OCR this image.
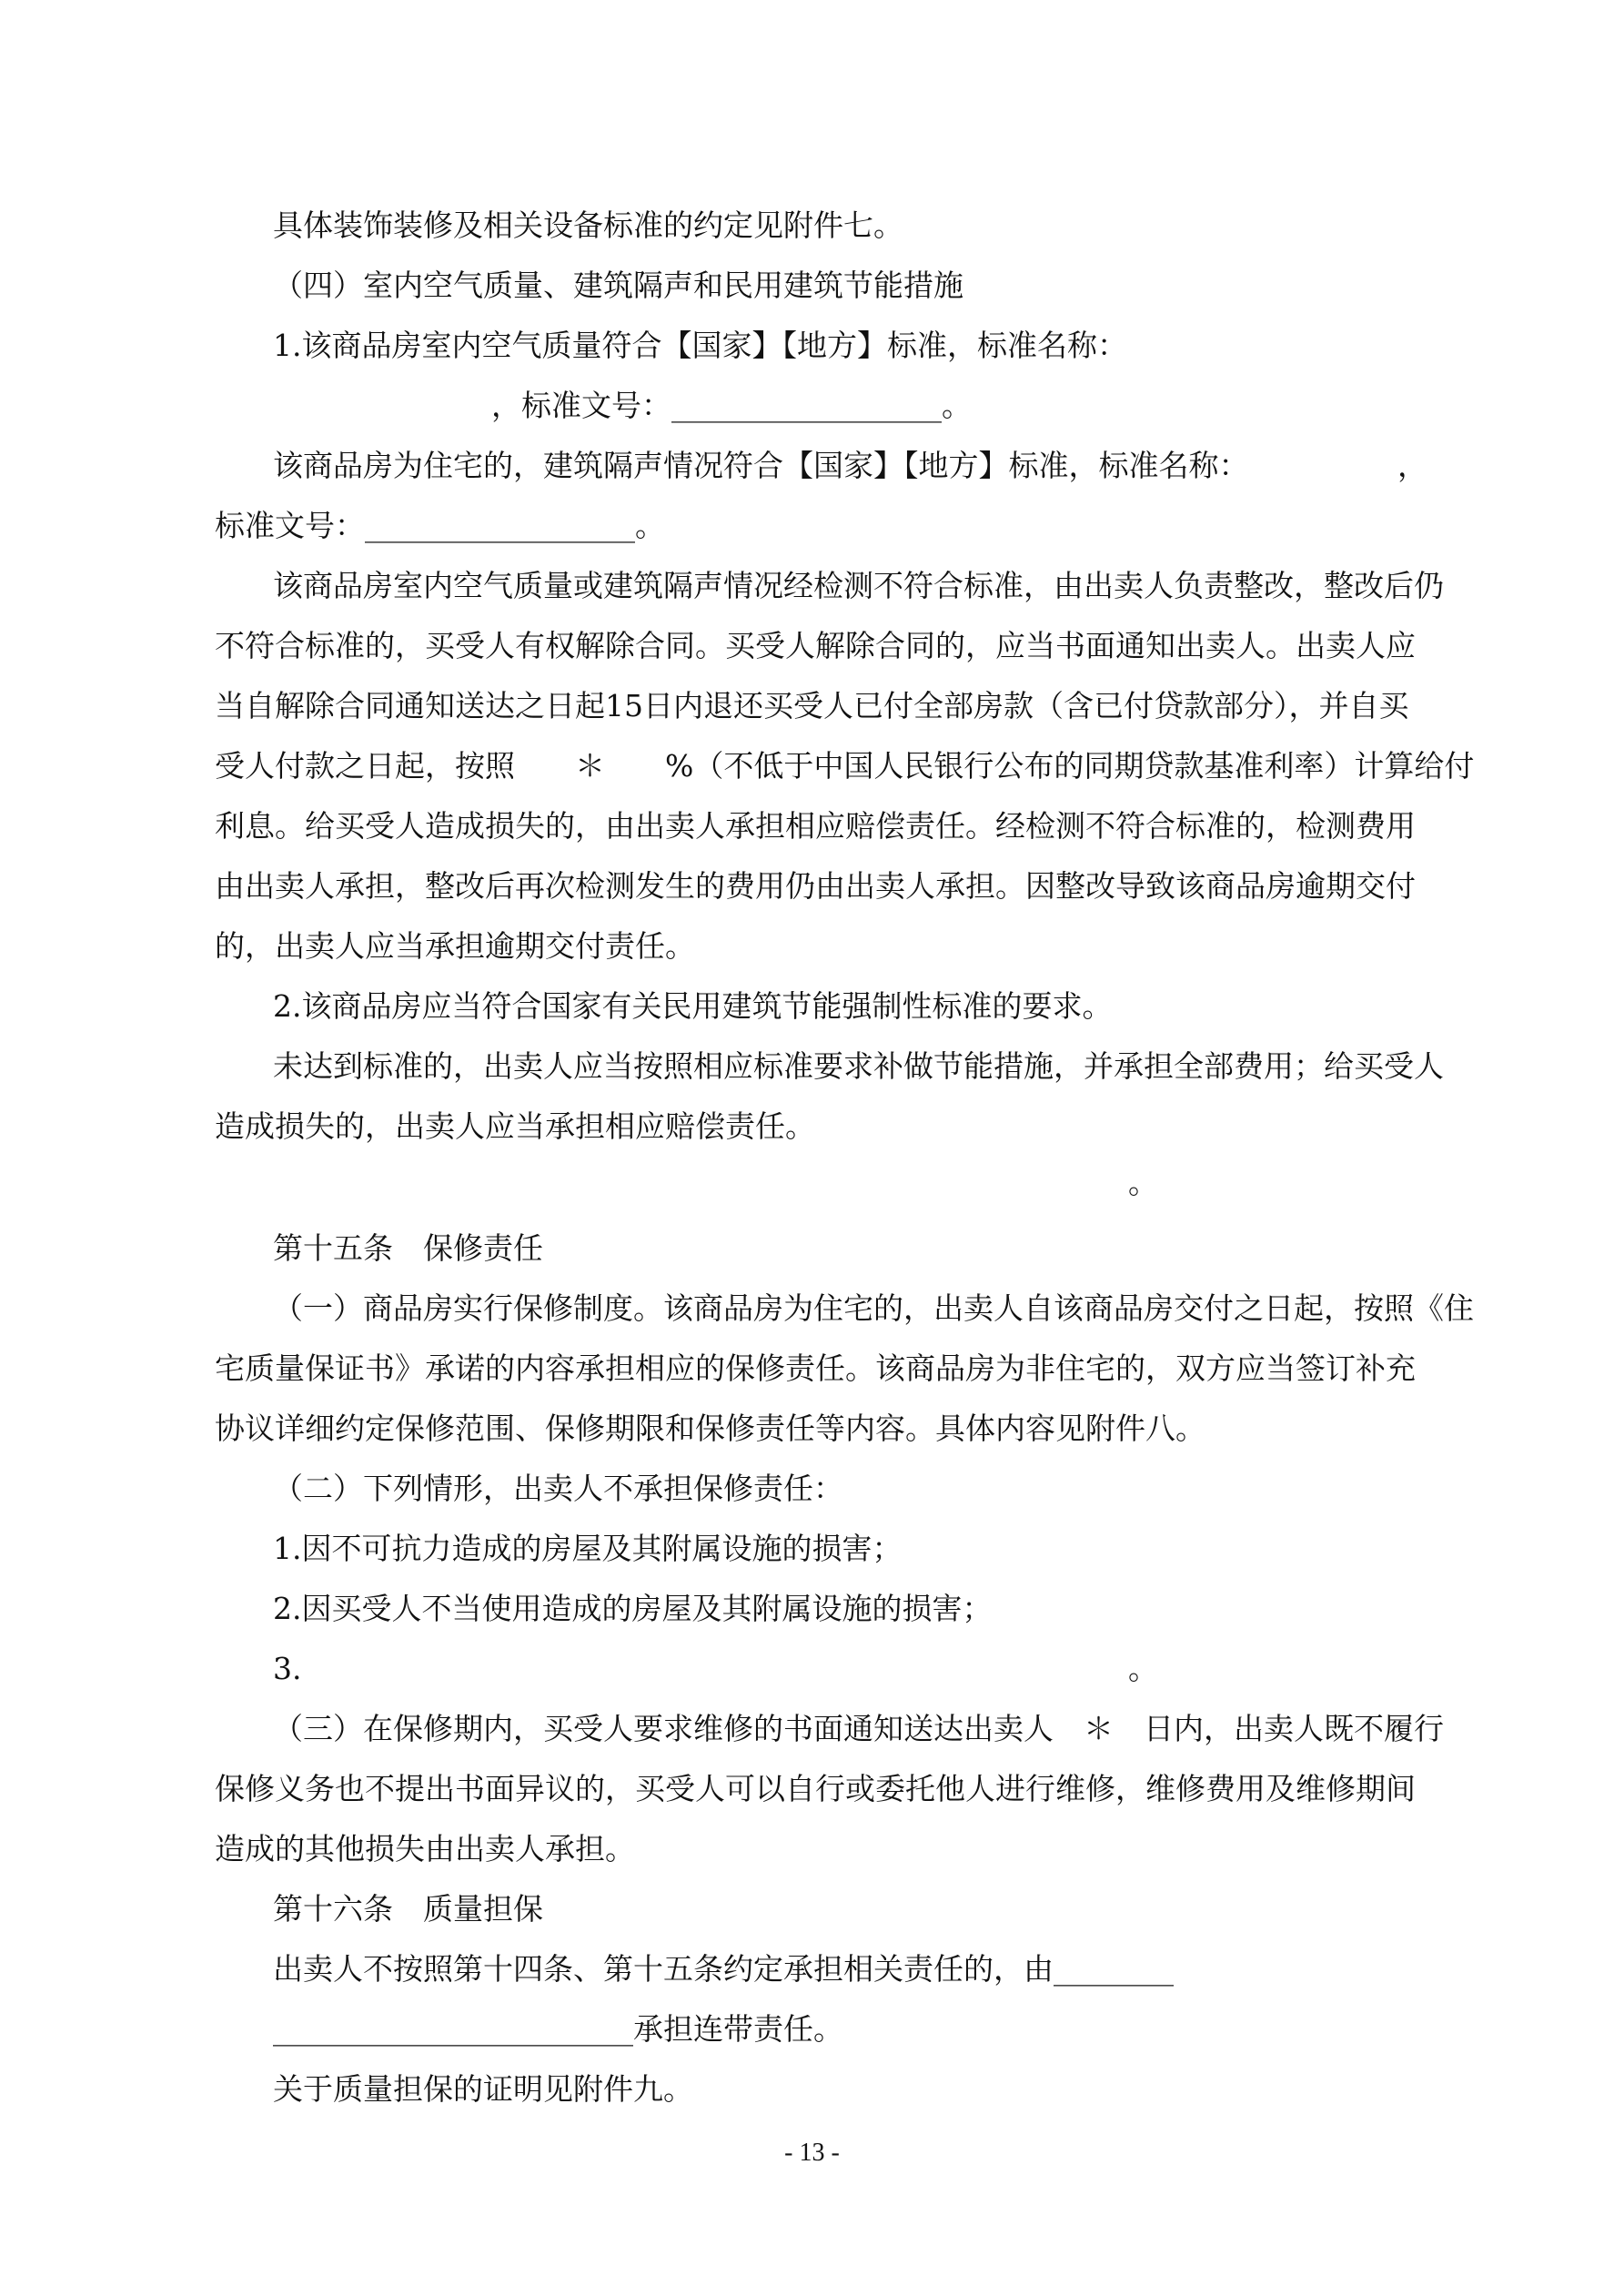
具体装饰装修及相关设备标准的约定见附件七。
（四）室内空气质量、建筑隔声和民用建筑节能措施
1.该商品房室内空气质量符合【国家】【地方】标准，标准名称：
，标准文号：__________________。
该商品房为住宅的，建筑隔声情况符合【国家】【地方】标准，标准名称：	，
标准文号：__________________。
该商品房室内空气质量或建筑隔声情况经检测不符合标准，由出卖人负责整改，整改后仍
不符合标准的，买受人有权解除合同。买受人解除合同的，应当书面通知出卖人。出卖人应
当自解除合同通知送达之日起15日内退还买受人已付全部房款（含已付贷款部分），并自买
受人付款之日起，按照　　＊　　%（不低于中国人民银行公布的同期贷款基准利率）计算给付
利息。给买受人造成损失的，由出卖人承担相应赔偿责任。经检测不符合标准的，检测费用
由出卖人承担，整改后再次检测发生的费用仍由出卖人承担。因整改导致该商品房逾期交付
的，出卖人应当承担逾期交付责任。
2.该商品房应当符合国家有关民用建筑节能强制性标准的要求。
未达到标准的，出卖人应当按照相应标准要求补做节能措施，并承担全部费用；给买受人
造成损失的，出卖人应当承担相应赔偿责任。
。
第十五条　保修责任
（一）商品房实行保修制度。该商品房为住宅的，出卖人自该商品房交付之日起，按照《住
宅质量保证书》承诺的内容承担相应的保修责任。该商品房为非住宅的，双方应当签订补充
协议详细约定保修范围、保修期限和保修责任等内容。具体内容见附件八。
（二）下列情形，出卖人不承担保修责任：
1.因不可抗力造成的房屋及其附属设施的损害；
2.因买受人不当使用造成的房屋及其附属设施的损害；
3.	。
（三）在保修期内，买受人要求维修的书面通知送达出卖人　＊　日内，出卖人既不履行
保修义务也不提出书面异议的，买受人可以自行或委托他人进行维修，维修费用及维修期间
造成的其他损失由出卖人承担。
第十六条　质量担保
出卖人不按照第十四条、第十五条约定承担相关责任的，由________
________________________承担连带责任。
关于质量担保的证明见附件九。
- 13 -
